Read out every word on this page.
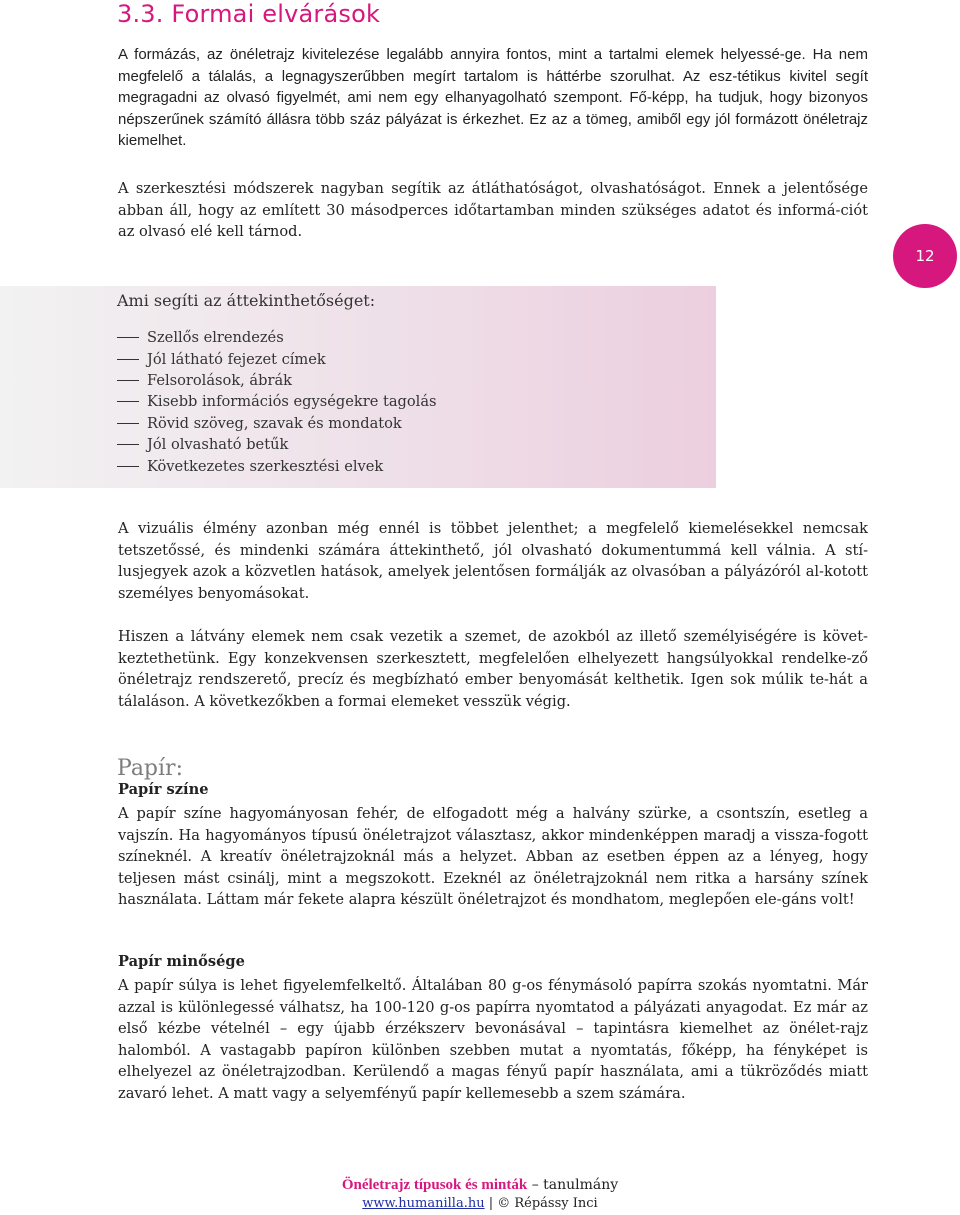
3.3. Formai elvárások

A formázás, az önéletrajz kivitelezése legalább annyira fontos, mint a tartalmi elemek helyessé-ge. Ha nem megfelelő a tálalás, a legnagyszerűbben megírt tartalom is háttérbe szorulhat. Az esz-tétikus kivitel segít megragadni az olvasó figyelmét, ami nem egy elhanyagolható szempont. Fő-képp, ha tudjuk, hogy bizonyos népszerűnek számító állásra több száz pályázat is érkezhet. Ez az a tömeg, amiből egy jól formázott önéletrajz kiemelhet.

A szerkesztési módszerek nagyban segítik az átláthatóságot, olvashatóságot. Ennek a jelentősége abban áll, hogy az említett 30 másodperces időtartamban minden szükséges adatot és informá-ciót az olvasó elé kell tárnod.

12

Ami segíti az áttekinthetőséget:

Szellős elrendezés
Jól látható fejezet címek
Felsorolások, ábrák
Kisebb információs egységekre tagolás
Rövid szöveg, szavak és mondatok
Jól olvasható betűk
Következetes szerkesztési elvek

A vizuális élmény azonban még ennél is többet jelenthet; a megfelelő kiemelésekkel nemcsak tetszetőssé, és mindenki számára áttekinthető, jól olvasható dokumentummá kell válnia. A stí-lusjegyek azok a közvetlen hatások, amelyek jelentősen formálják az olvasóban a pályázóról al-kotott személyes benyomásokat.

Hiszen a látvány elemek nem csak vezetik a szemet, de azokból az illető személyiségére is követ-keztethetünk. Egy konzekvensen szerkesztett, megfelelően elhelyezett hangsúlyokkal rendelke-ző önéletrajz rendszerető, precíz és megbízható ember benyomását kelthetik. Igen sok múlik te-hát a tálaláson. A következőkben a formai elemeket vesszük végig.

Papír:

Papír színe

A papír színe hagyományosan fehér, de elfogadott még a halvány szürke, a csontszín, esetleg a vajszín. Ha hagyományos típusú önéletrajzot választasz, akkor mindenképpen maradj a vissza-fogott színeknél. A kreatív önéletrajzoknál más a helyzet. Abban az esetben éppen az a lényeg, hogy teljesen mást csinálj, mint a megszokott. Ezeknél az önéletrajzoknál nem ritka a harsány színek használata. Láttam már fekete alapra készült önéletrajzot és mondhatom, meglepően ele-gáns volt!

Papír minősége

A papír súlya is lehet figyelemfelkeltő. Általában 80 g-os fénymásoló papírra szokás nyomtatni. Már azzal is különlegessé válhatsz, ha 100-120 g-os papírra nyomtatod a pályázati anyagodat. Ez már az első kézbe vételnél – egy újabb érzékszerv bevonásával – tapintásra kiemelhet az önélet-rajz halomból. A vastagabb papíron különben szebben mutat a nyomtatás, főképp, ha fényképet is elhelyezel az önéletrajzodban. Kerülendő a magas fényű papír használata, ami a tükröződés miatt zavaró lehet. A matt vagy a selyemfényű papír kellemesebb a szem számára.

Önéletrajz típusok és minták – tanulmány
www.humanilla.hu | © Répássy Inci
